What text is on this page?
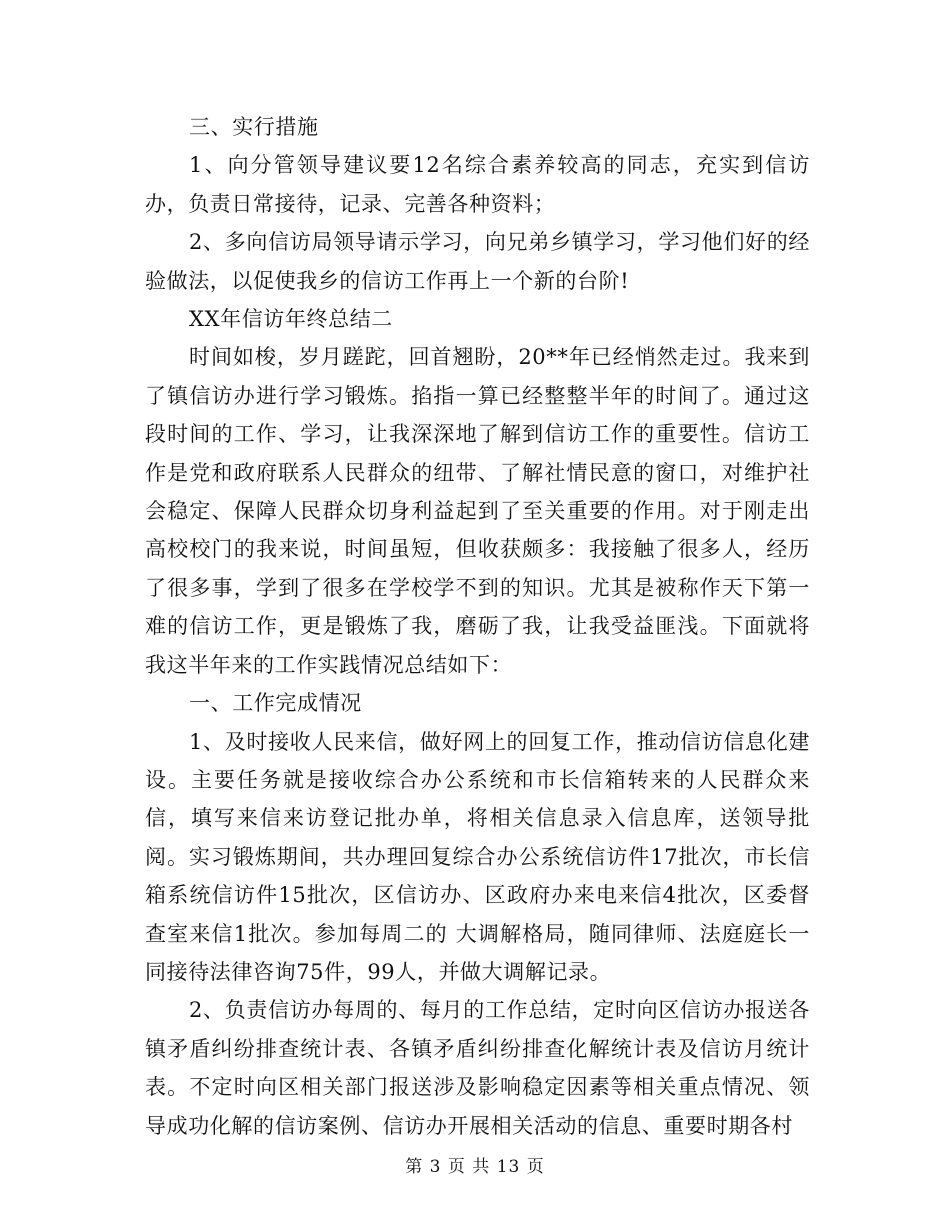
三、实行措施

1、向分管领导建议要12名综合素养较高的同志，充实到信访办，负责日常接待，记录、完善各种资料；

2、多向信访局领导请示学习，向兄弟乡镇学习，学习他们好的经验做法，以促使我乡的信访工作再上一个新的台阶!

XX年信访年终总结二

时间如梭，岁月蹉跎，回首翘盼，20**年已经悄然走过。我来到了镇信访办进行学习锻炼。掐指一算已经整整半年的时间了。通过这段时间的工作、学习，让我深深地了解到信访工作的重要性。信访工作是党和政府联系人民群众的纽带、了解社情民意的窗口，对维护社会稳定、保障人民群众切身利益起到了至关重要的作用。对于刚走出高校校门的我来说，时间虽短，但收获颇多：我接触了很多人，经历了很多事，学到了很多在学校学不到的知识。尤其是被称作天下第一难的信访工作，更是锻炼了我，磨砺了我，让我受益匪浅。下面就将我这半年来的工作实践情况总结如下：

一、工作完成情况

1、及时接收人民来信，做好网上的回复工作，推动信访信息化建设。主要任务就是接收综合办公系统和市长信箱转来的人民群众来信，填写来信来访登记批办单，将相关信息录入信息库，送领导批阅。实习锻炼期间，共办理回复综合办公系统信访件17批次，市长信箱系统信访件15批次，区信访办、区政府办来电来信4批次，区委督查室来信1批次。参加每周二的 大调解格局，随同律师、法庭庭长一同接待法律咨询75件，99人，并做大调解记录。

2、负责信访办每周的、每月的工作总结，定时向区信访办报送各镇矛盾纠纷排查统计表、各镇矛盾纠纷排查化解统计表及信访月统计表。不定时向区相关部门报送涉及影响稳定因素等相关重点情况、领导成功化解的信访案例、信访办开展相关活动的信息、重要时期各村

第 3 页 共 13 页
